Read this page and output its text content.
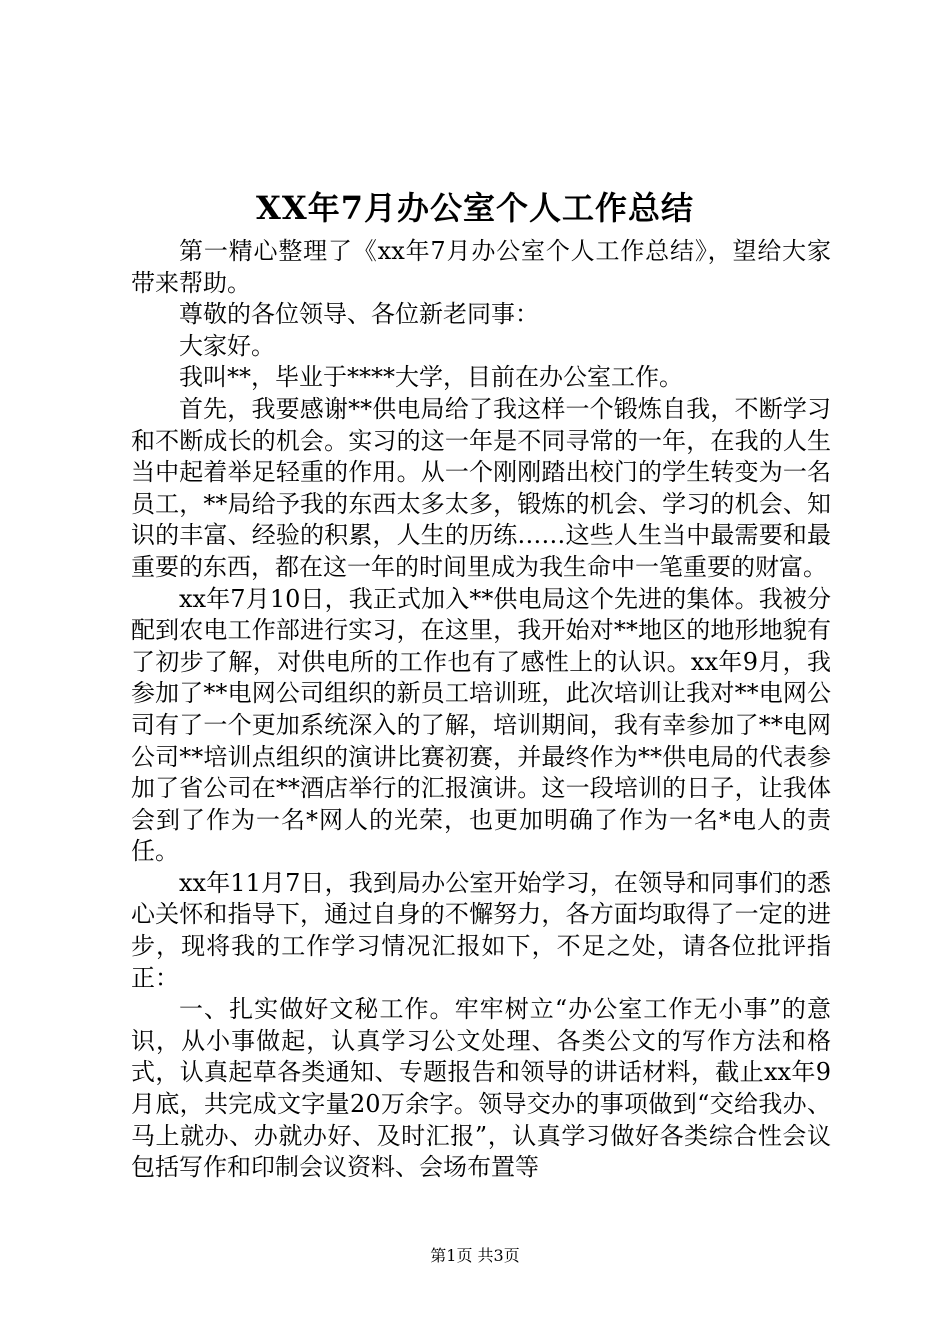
XX年7月办公室个人工作总结

第一精心整理了《xx年7月办公室个人工作总结》，望给大家带来帮助。

尊敬的各位领导、各位新老同事：

大家好。

我叫**，毕业于****大学，目前在办公室工作。

首先，我要感谢**供电局给了我这样一个锻炼自我，不断学习和不断成长的机会。实习的这一年是不同寻常的一年，在我的人生当中起着举足轻重的作用。从一个刚刚踏出校门的学生转变为一名员工，**局给予我的东西太多太多，锻炼的机会、学习的机会、知识的丰富、经验的积累，人生的历练……这些人生当中最需要和最重要的东西，都在这一年的时间里成为我生命中一笔重要的财富。

xx年7月10日，我正式加入**供电局这个先进的集体。我被分配到农电工作部进行实习，在这里，我开始对**地区的地形地貌有了初步了解，对供电所的工作也有了感性上的认识。xx年9月，我参加了**电网公司组织的新员工培训班，此次培训让我对**电网公司有了一个更加系统深入的了解，培训期间，我有幸参加了**电网公司**培训点组织的演讲比赛初赛，并最终作为**供电局的代表参加了省公司在**酒店举行的汇报演讲。这一段培训的日子，让我体会到了作为一名*网人的光荣，也更加明确了作为一名*电人的责任。

xx年11月7日，我到局办公室开始学习，在领导和同事们的悉心关怀和指导下，通过自身的不懈努力，各方面均取得了一定的进步，现将我的工作学习情况汇报如下，不足之处，请各位批评指正：

一、扎实做好文秘工作。牢牢树立“办公室工作无小事”的意识，从小事做起，认真学习公文处理、各类公文的写作方法和格式，认真起草各类通知、专题报告和领导的讲话材料，截止xx年9月底，共完成文字量20万余字。领导交办的事项做到“交给我办、马上就办、办就办好、及时汇报”，认真学习做好各类综合性会议包括写作和印制会议资料、会场布置等

第1页 共3页
